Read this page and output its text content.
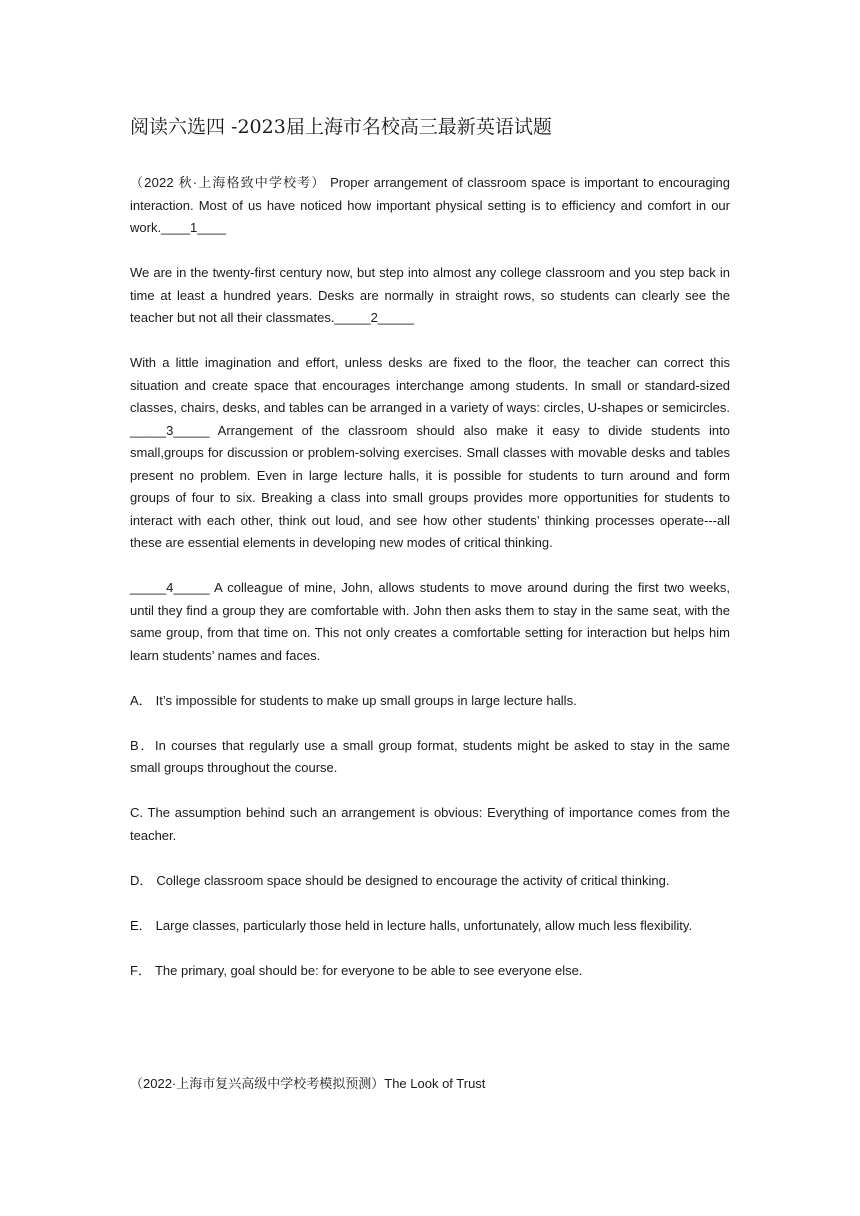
阅读六选四 -2023届上海市名校高三最新英语试题

（2022 秋·上海格致中学校考） Proper arrangement of classroom space is important to encouraging interaction. Most of us have noticed how important physical setting is to efficiency and comfort in our work.____1____

We are in the twenty-first century now, but step into almost any college classroom and you step back in time at least a hundred years. Desks are normally in straight rows, so students can clearly see the teacher but not all their classmates._____2_____

With a little imagination and effort, unless desks are fixed to the floor, the teacher can correct this situation and create space that encourages interchange among students. In small or standard-sized classes, chairs, desks, and tables can be arranged in a variety of ways: circles, U-shapes or semicircles. _____3_____ Arrangement of the classroom should also make it easy to divide students into small,groups for discussion or problem-solving exercises. Small classes with movable desks and tables present no problem. Even in large lecture halls, it is possible for students to turn around and form groups of four to six. Breaking a class into small groups provides more opportunities for students to interact with each other, think out loud, and see how other students’ thinking processes operate---all these are essential elements in developing new modes of critical thinking.

_____4_____ A colleague of mine, John, allows students to move around during the first two weeks, until they find a group they are comfortable with. John then asks them to stay in the same seat, with the same group, from that time on. This not only creates a comfortable setting for interaction but helps him learn students’ names and faces.

A． It’s impossible for students to make up small groups in large lecture halls.

B．In courses that regularly use a small group format, students might be asked to stay in the same small groups throughout the course.

C. The assumption behind such an arrangement is obvious: Everything of importance comes from the teacher.

D． College classroom space should be designed to encourage the activity of critical thinking.

E． Large classes, particularly those held in lecture halls, unfortunately, allow much less flexibility.

F． The primary, goal should be: for everyone to be able to see everyone else.

（2022·上海市复兴高级中学校考模拟预测）The Look of Trust
